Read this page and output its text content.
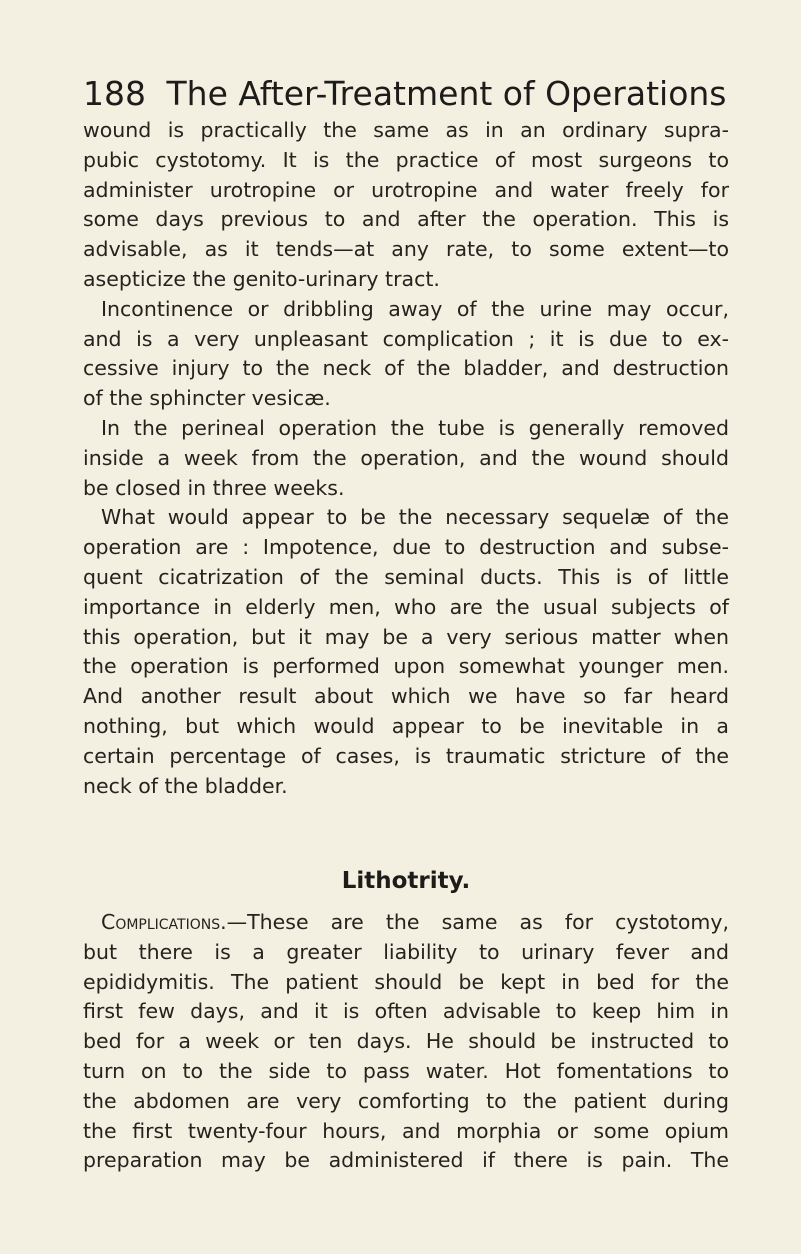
188 The After-Treatment of Operations
wound is practically the same as in an ordinary supra-
pubic cystotomy. It is the practice of most surgeons to
administer urotropine or urotropine and water freely for
some days previous to and after the operation. This is
advisable, as it tends—at any rate, to some extent—to
asepticize the genito-urinary tract.
Incontinence or dribbling away of the urine may occur,
and is a very unpleasant complication ; it is due to ex-
cessive injury to the neck of the bladder, and destruction
of the sphincter vesicæ.
In the perineal operation the tube is generally removed
inside a week from the operation, and the wound should
be closed in three weeks.
What would appear to be the necessary sequelæ of the
operation are : Impotence, due to destruction and subse-
quent cicatrization of the seminal ducts. This is of little
importance in elderly men, who are the usual subjects of
this operation, but it may be a very serious matter when
the operation is performed upon somewhat younger men.
And another result about which we have so far heard
nothing, but which would appear to be inevitable in a
certain percentage of cases, is traumatic stricture of the
neck of the bladder.
Lithotrity.
Complications.—These are the same as for cystotomy,
but there is a greater liability to urinary fever and
epididymitis. The patient should be kept in bed for the
first few days, and it is often advisable to keep him in
bed for a week or ten days. He should be instructed to
turn on to the side to pass water. Hot fomentations to
the abdomen are very comforting to the patient during
the first twenty-four hours, and morphia or some opium
preparation may be administered if there is pain. The
